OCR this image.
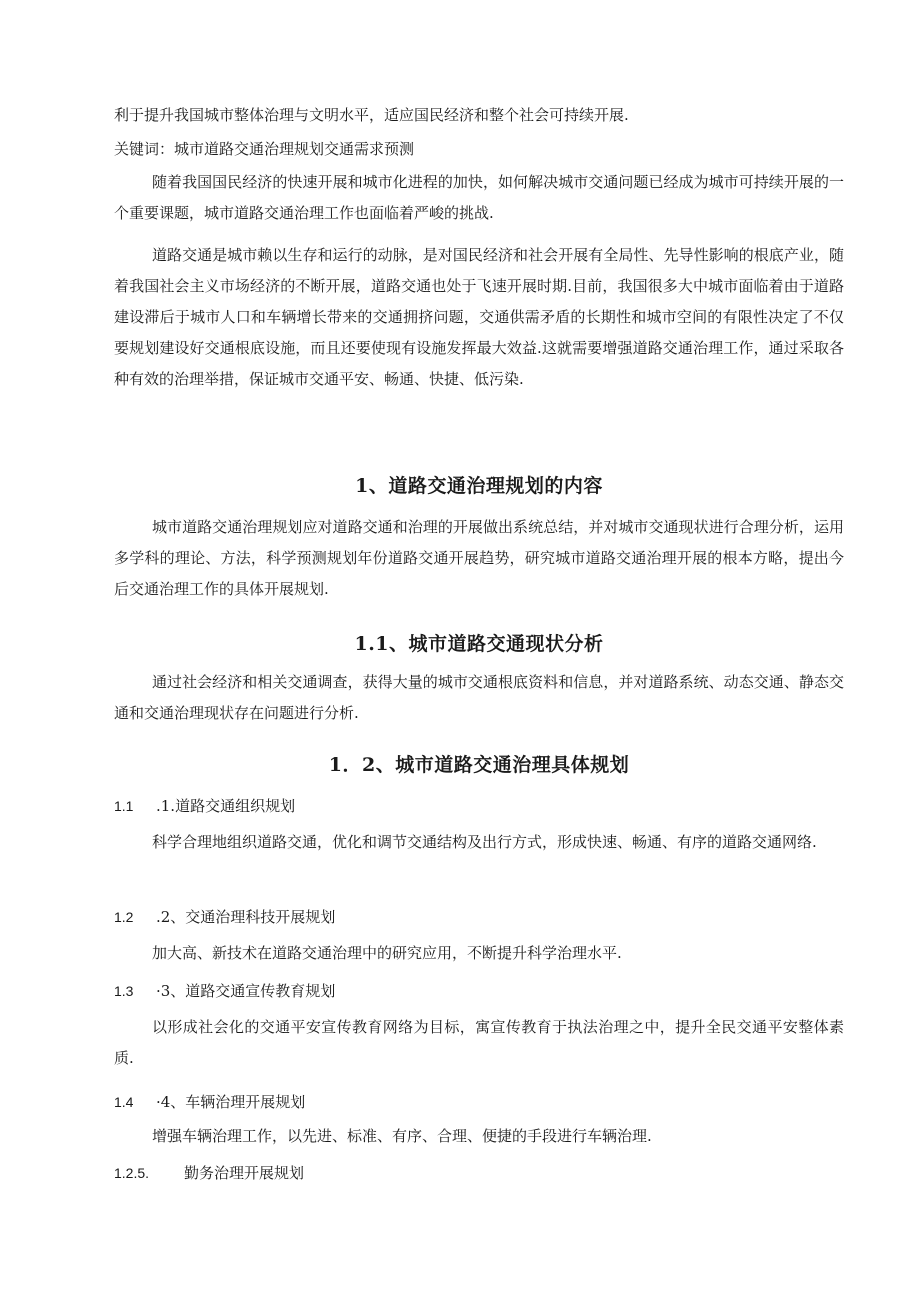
利于提升我国城市整体治理与文明水平，适应国民经济和整个社会可持续开展.

关键词：城市道路交通治理规划交通需求预测

随着我国国民经济的快速开展和城市化进程的加快，如何解决城市交通问题已经成为城市可持续开展的一个重要课题，城市道路交通治理工作也面临着严峻的挑战.

道路交通是城市赖以生存和运行的动脉，是对国民经济和社会开展有全局性、先导性影响的根底产业，随着我国社会主义市场经济的不断开展，道路交通也处于飞速开展时期.目前，我国很多大中城市面临着由于道路建设滞后于城市人口和车辆增长带来的交通拥挤问题，交通供需矛盾的长期性和城市空间的有限性决定了不仅要规划建设好交通根底设施，而且还要使现有设施发挥最大效益.这就需要增强道路交通治理工作，通过采取各种有效的治理举措，保证城市交通平安、畅通、快捷、低污染.

1、道路交通治理规划的内容

城市道路交通治理规划应对道路交通和治理的开展做出系统总结，并对城市交通现状进行合理分析，运用多学科的理论、方法，科学预测规划年份道路交通开展趋势，研究城市道路交通治理开展的根本方略，提出今后交通治理工作的具体开展规划.

1.1、城市道路交通现状分析

通过社会经济和相关交通调查，获得大量的城市交通根底资料和信息，并对道路系统、动态交通、静态交通和交通治理现状存在问题进行分析.

1．2、城市道路交通治理具体规划
1.1 .1.道路交通组织规划

科学合理地组织道路交通，优化和调节交通结构及出行方式，形成快速、畅通、有序的道路交通网络.

1.2 .2、交通治理科技开展规划

加大高、新技术在道路交通治理中的研究应用，不断提升科学治理水平.

1.3 ·3、道路交通宣传教育规划

以形成社会化的交通平安宣传教育网络为目标，寓宣传教育于执法治理之中，提升全民交通平安整体素质.

1.4 ·4、车辆治理开展规划

增强车辆治理工作，以先进、标准、有序、合理、便捷的手段进行车辆治理.

1.2.5. 勤务治理开展规划
